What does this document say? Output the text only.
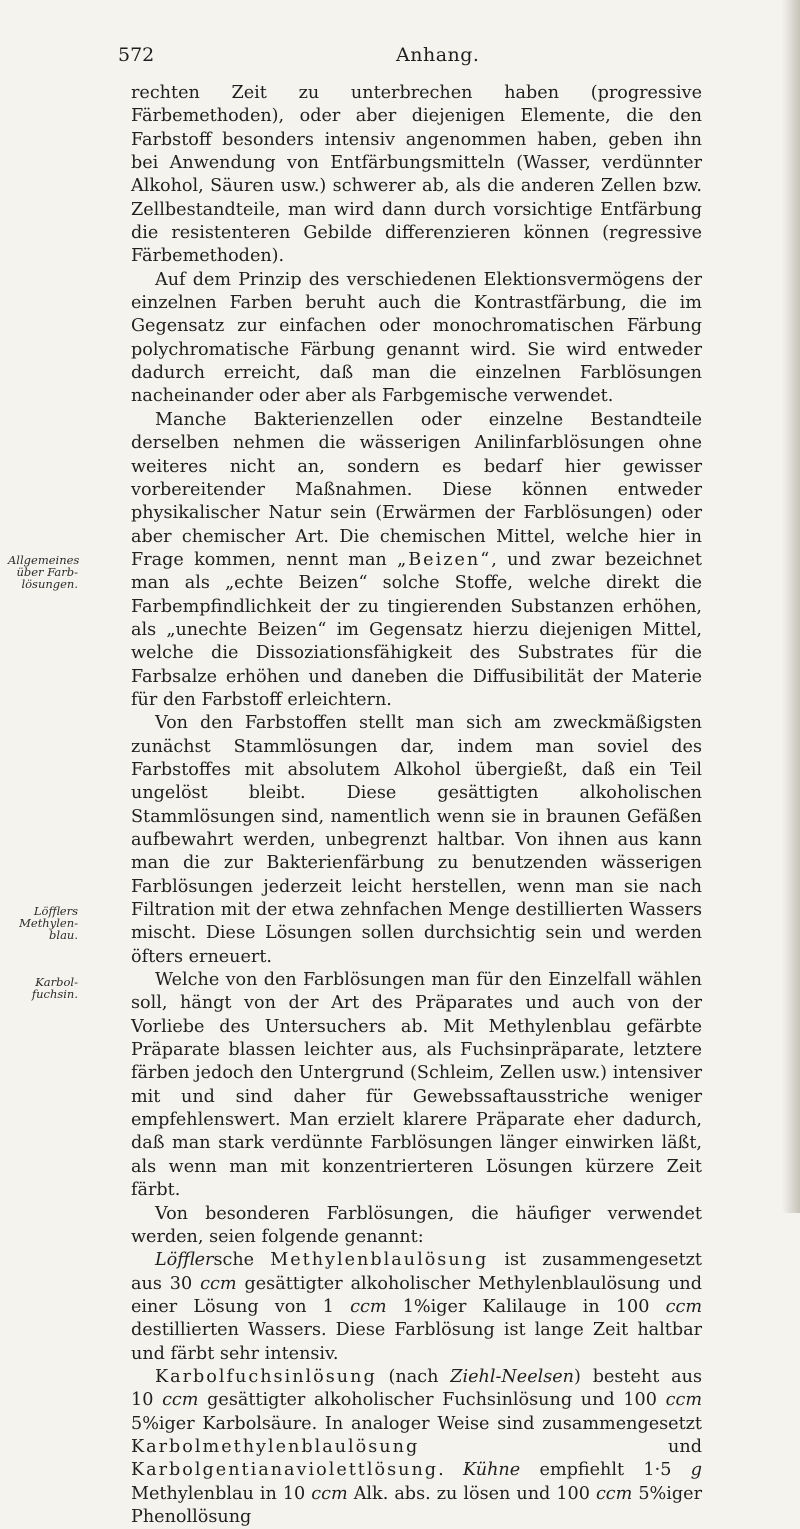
572	Anhang.
Allgemeines über Farb-lösungen.
Löfflers Methylen-blau.
Karbol-fuchsin.

rechten Zeit zu unterbrechen haben (progressive Färbemethoden), oder aber diejenigen Elemente, die den Farbstoff besonders intensiv angenommen haben, geben ihn bei Anwendung von Entfärbungsmitteln (Wasser, verdünnter Alkohol, Säuren usw.) schwerer ab, als die anderen Zellen bzw. Zellbestandteile, man wird dann durch vorsichtige Entfärbung die resistenteren Gebilde differenzieren können (regressive Färbemethoden).

Auf dem Prinzip des verschiedenen Elektionsvermögens der einzelnen Farben beruht auch die Kontrastfärbung, die im Gegensatz zur einfachen oder monochromatischen Färbung polychromatische Färbung genannt wird. Sie wird entweder dadurch erreicht, daß man die einzelnen Farblösungen nacheinander oder aber als Farbgemische verwendet.

Manche Bakterienzellen oder einzelne Bestandteile derselben nehmen die wässerigen Anilinfarblösungen ohne weiteres nicht an, sondern es bedarf hier gewisser vorbereitender Maßnahmen. Diese können entweder physikalischer Natur sein (Erwärmen der Farblösungen) oder aber chemischer Art. Die chemischen Mittel, welche hier in Frage kommen, nennt man „Beizen“, und zwar bezeichnet man als „echte Beizen“ solche Stoffe, welche direkt die Farbempfindlichkeit der zu tingierenden Substanzen erhöhen, als „unechte Beizen“ im Gegensatz hierzu diejenigen Mittel, welche die Dissoziationsfähigkeit des Substrates für die Farbsalze erhöhen und daneben die Diffusibilität der Materie für den Farbstoff erleichtern.

Von den Farbstoffen stellt man sich am zweckmäßigsten zunächst Stammlösungen dar, indem man soviel des Farbstoffes mit absolutem Alkohol übergießt, daß ein Teil ungelöst bleibt. Diese gesättigten alkoholischen Stammlösungen sind, namentlich wenn sie in braunen Gefäßen aufbewahrt werden, unbegrenzt haltbar. Von ihnen aus kann man die zur Bakterienfärbung zu benutzenden wässerigen Farblösungen jederzeit leicht herstellen, wenn man sie nach Filtration mit der etwa zehnfachen Menge destillierten Wassers mischt. Diese Lösungen sollen durchsichtig sein und werden öfters erneuert.

Welche von den Farblösungen man für den Einzelfall wählen soll, hängt von der Art des Präparates und auch von der Vorliebe des Untersuchers ab. Mit Methylenblau gefärbte Präparate blassen leichter aus, als Fuchsinpräparate, letztere färben jedoch den Untergrund (Schleim, Zellen usw.) intensiver mit und sind daher für Gewebssaftausstriche weniger empfehlenswert. Man erzielt klarere Präparate eher dadurch, daß man stark verdünnte Farblösungen länger einwirken läßt, als wenn man mit konzentrierteren Lösungen kürzere Zeit färbt.

Von besonderen Farblösungen, die häufiger verwendet werden, seien folgende genannt:

Löfflersche Methylenblaulösung ist zusammengesetzt aus 30 ccm gesättigter alkoholischer Methylenblaulösung und einer Lösung von 1 ccm 1%iger Kalilauge in 100 ccm destillierten Wassers. Diese Farblösung ist lange Zeit haltbar und färbt sehr intensiv.

Karbolfuchsinlösung (nach Ziehl-Neelsen) besteht aus 10 ccm gesättigter alkoholischer Fuchsinlösung und 100 ccm 5%iger Karbolsäure. In analoger Weise sind zusammengesetzt Karbolmethylenblaulösung und Karbolgentianaviolettlösung. Kühne empfiehlt 1·5 g Methylenblau in 10 ccm Alk. abs. zu lösen und 100 ccm 5%iger Phenollösung
